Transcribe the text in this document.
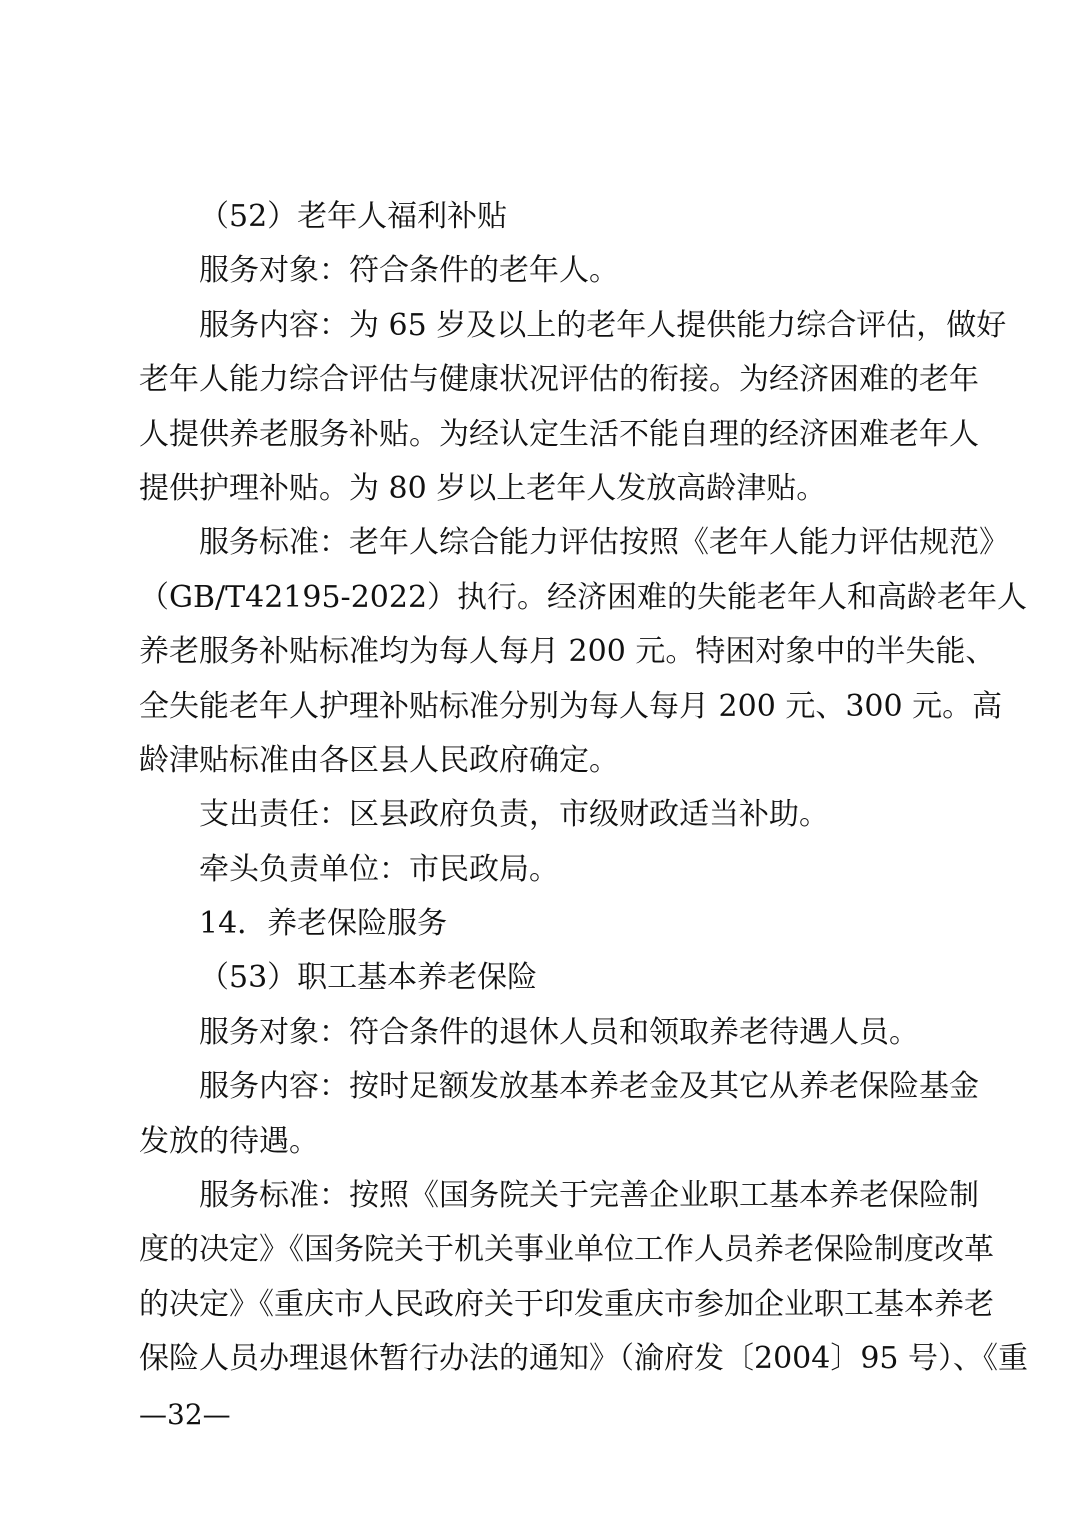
（52）老年人福利补贴
服务对象：符合条件的老年人。
服务内容：为 65 岁及以上的老年人提供能力综合评估，做好
老年人能力综合评估与健康状况评估的衔接。为经济困难的老年
人提供养老服务补贴。为经认定生活不能自理的经济困难老年人
提供护理补贴。为 80 岁以上老年人发放高龄津贴。
服务标准：老年人综合能力评估按照《老年人能力评估规范》
（GB/T42195-2022）执行。经济困难的失能老年人和高龄老年人
养老服务补贴标准均为每人每月 200 元。特困对象中的半失能、
全失能老年人护理补贴标准分别为每人每月 200 元、300 元。高
龄津贴标准由各区县人民政府确定。
支出责任：区县政府负责，市级财政适当补助。
牵头负责单位：市民政局。
14．养老保险服务
（53）职工基本养老保险
服务对象：符合条件的退休人员和领取养老待遇人员。
服务内容：按时足额发放基本养老金及其它从养老保险基金
发放的待遇。
服务标准：按照《国务院关于完善企业职工基本养老保险制
度的决定》《国务院关于机关事业单位工作人员养老保险制度改革
的决定》《重庆市人民政府关于印发重庆市参加企业职工基本养老
保险人员办理退休暂行办法的通知》（渝府发〔2004〕95 号）、《重
—32—
